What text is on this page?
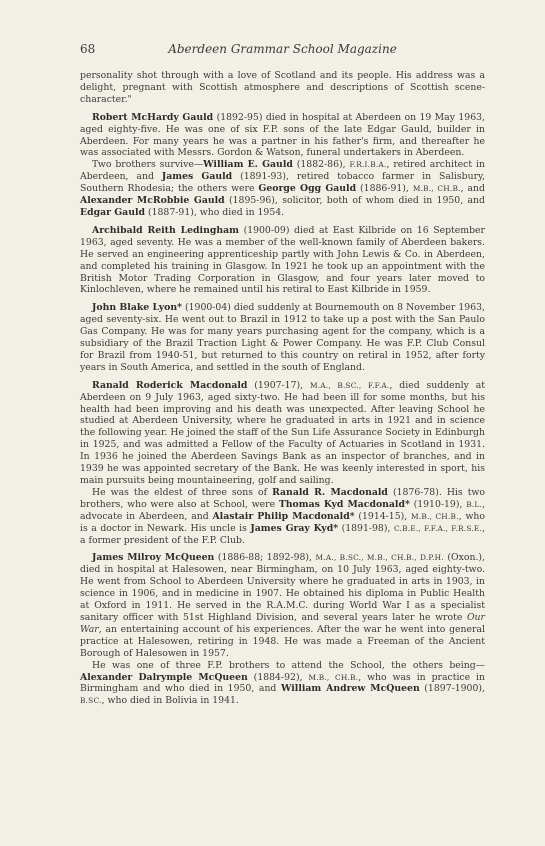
68	Aberdeen Grammar School Magazine

personality shot through with a love of Scotland and its people. His address was a delight, pregnant with Scottish atmosphere and descriptions of Scottish scene-character."

Robert McHardy Gauld (1892-95) died in hospital at Aberdeen on 19 May 1963, aged eighty-five. He was one of six F.P. sons of the late Edgar Gauld, builder in Aberdeen. For many years he was a partner in his father's firm, and thereafter he was associated with Messrs. Gordon & Watson, funeral undertakers in Aberdeen.

Two brothers survive—William E. Gauld (1882-86), F.R.I.B.A., retired architect in Aberdeen, and James Gauld (1891-93), retired tobacco farmer in Salisbury, Southern Rhodesia; the others were George Ogg Gauld (1886-91), M.B., CH.B., and Alexander McRobbie Gauld (1895-96), solicitor, both of whom died in 1950, and Edgar Gauld (1887-91), who died in 1954.

Archibald Reith Ledingham (1900-09) died at East Kilbride on 16 September 1963, aged seventy. He was a member of the well-known family of Aberdeen bakers. He served an engineering apprenticeship partly with John Lewis & Co. in Aberdeen, and completed his training in Glasgow. In 1921 he took up an appointment with the British Motor Trading Corporation in Glasgow, and four years later moved to Kinlochleven, where he remained until his retiral to East Kilbride in 1959.

John Blake Lyon* (1900-04) died suddenly at Bournemouth on 8 November 1963, aged seventy-six. He went out to Brazil in 1912 to take up a post with the San Paulo Gas Company. He was for many years purchasing agent for the company, which is a subsidiary of the Brazil Traction Light & Power Company. He was F.P. Club Consul for Brazil from 1940-51, but returned to this country on retiral in 1952, after forty years in South America, and settled in the south of England.

Ranald Roderick Macdonald (1907-17), M.A., B.SC., F.F.A., died suddenly at Aberdeen on 9 July 1963, aged sixty-two. He had been ill for some months, but his health had been improving and his death was unexpected. After leaving School he studied at Aberdeen University, where he graduated in arts in 1921 and in science the following year. He joined the staff of the Sun Life Assurance Society in Edinburgh in 1925, and was admitted a Fellow of the Faculty of Actuaries in Scotland in 1931. In 1936 he joined the Aberdeen Savings Bank as an inspector of branches, and in 1939 he was appointed secretary of the Bank. He was keenly interested in sport, his main pursuits being mountaineering, golf and sailing.

He was the eldest of three sons of Ranald R. Macdonald (1876-78). His two brothers, who were also at School, were Thomas Kyd Macdonald* (1910-19), B.L., advocate in Aberdeen, and Alastair Philip Macdonald* (1914-15), M.B., CH.B., who is a doctor in Newark. His uncle is James Gray Kyd* (1891-98), C.B.E., F.F.A., F.R.S.E., a former president of the F.P. Club.

James Milroy McQueen (1886-88; 1892-98), M.A., B.SC., M.B., CH.B., D.P.H. (Oxon.), died in hospital at Halesowen, near Birmingham, on 10 July 1963, aged eighty-two. He went from School to Aberdeen University where he graduated in arts in 1903, in science in 1906, and in medicine in 1907. He obtained his diploma in Public Health at Oxford in 1911. He served in the R.A.M.C. during World War I as a specialist sanitary officer with 51st Highland Division, and several years later he wrote Our War, an entertaining account of his experiences. After the war he went into general practice at Halesowen, retiring in 1948. He was made a Freeman of the Ancient Borough of Halesowen in 1957.

He was one of three F.P. brothers to attend the School, the others being—Alexander Dalrymple McQueen (1884-92), M.B., CH.B., who was in practice in Birmingham and who died in 1950, and William Andrew McQueen (1897-1900), B.SC., who died in Bolivia in 1941.
